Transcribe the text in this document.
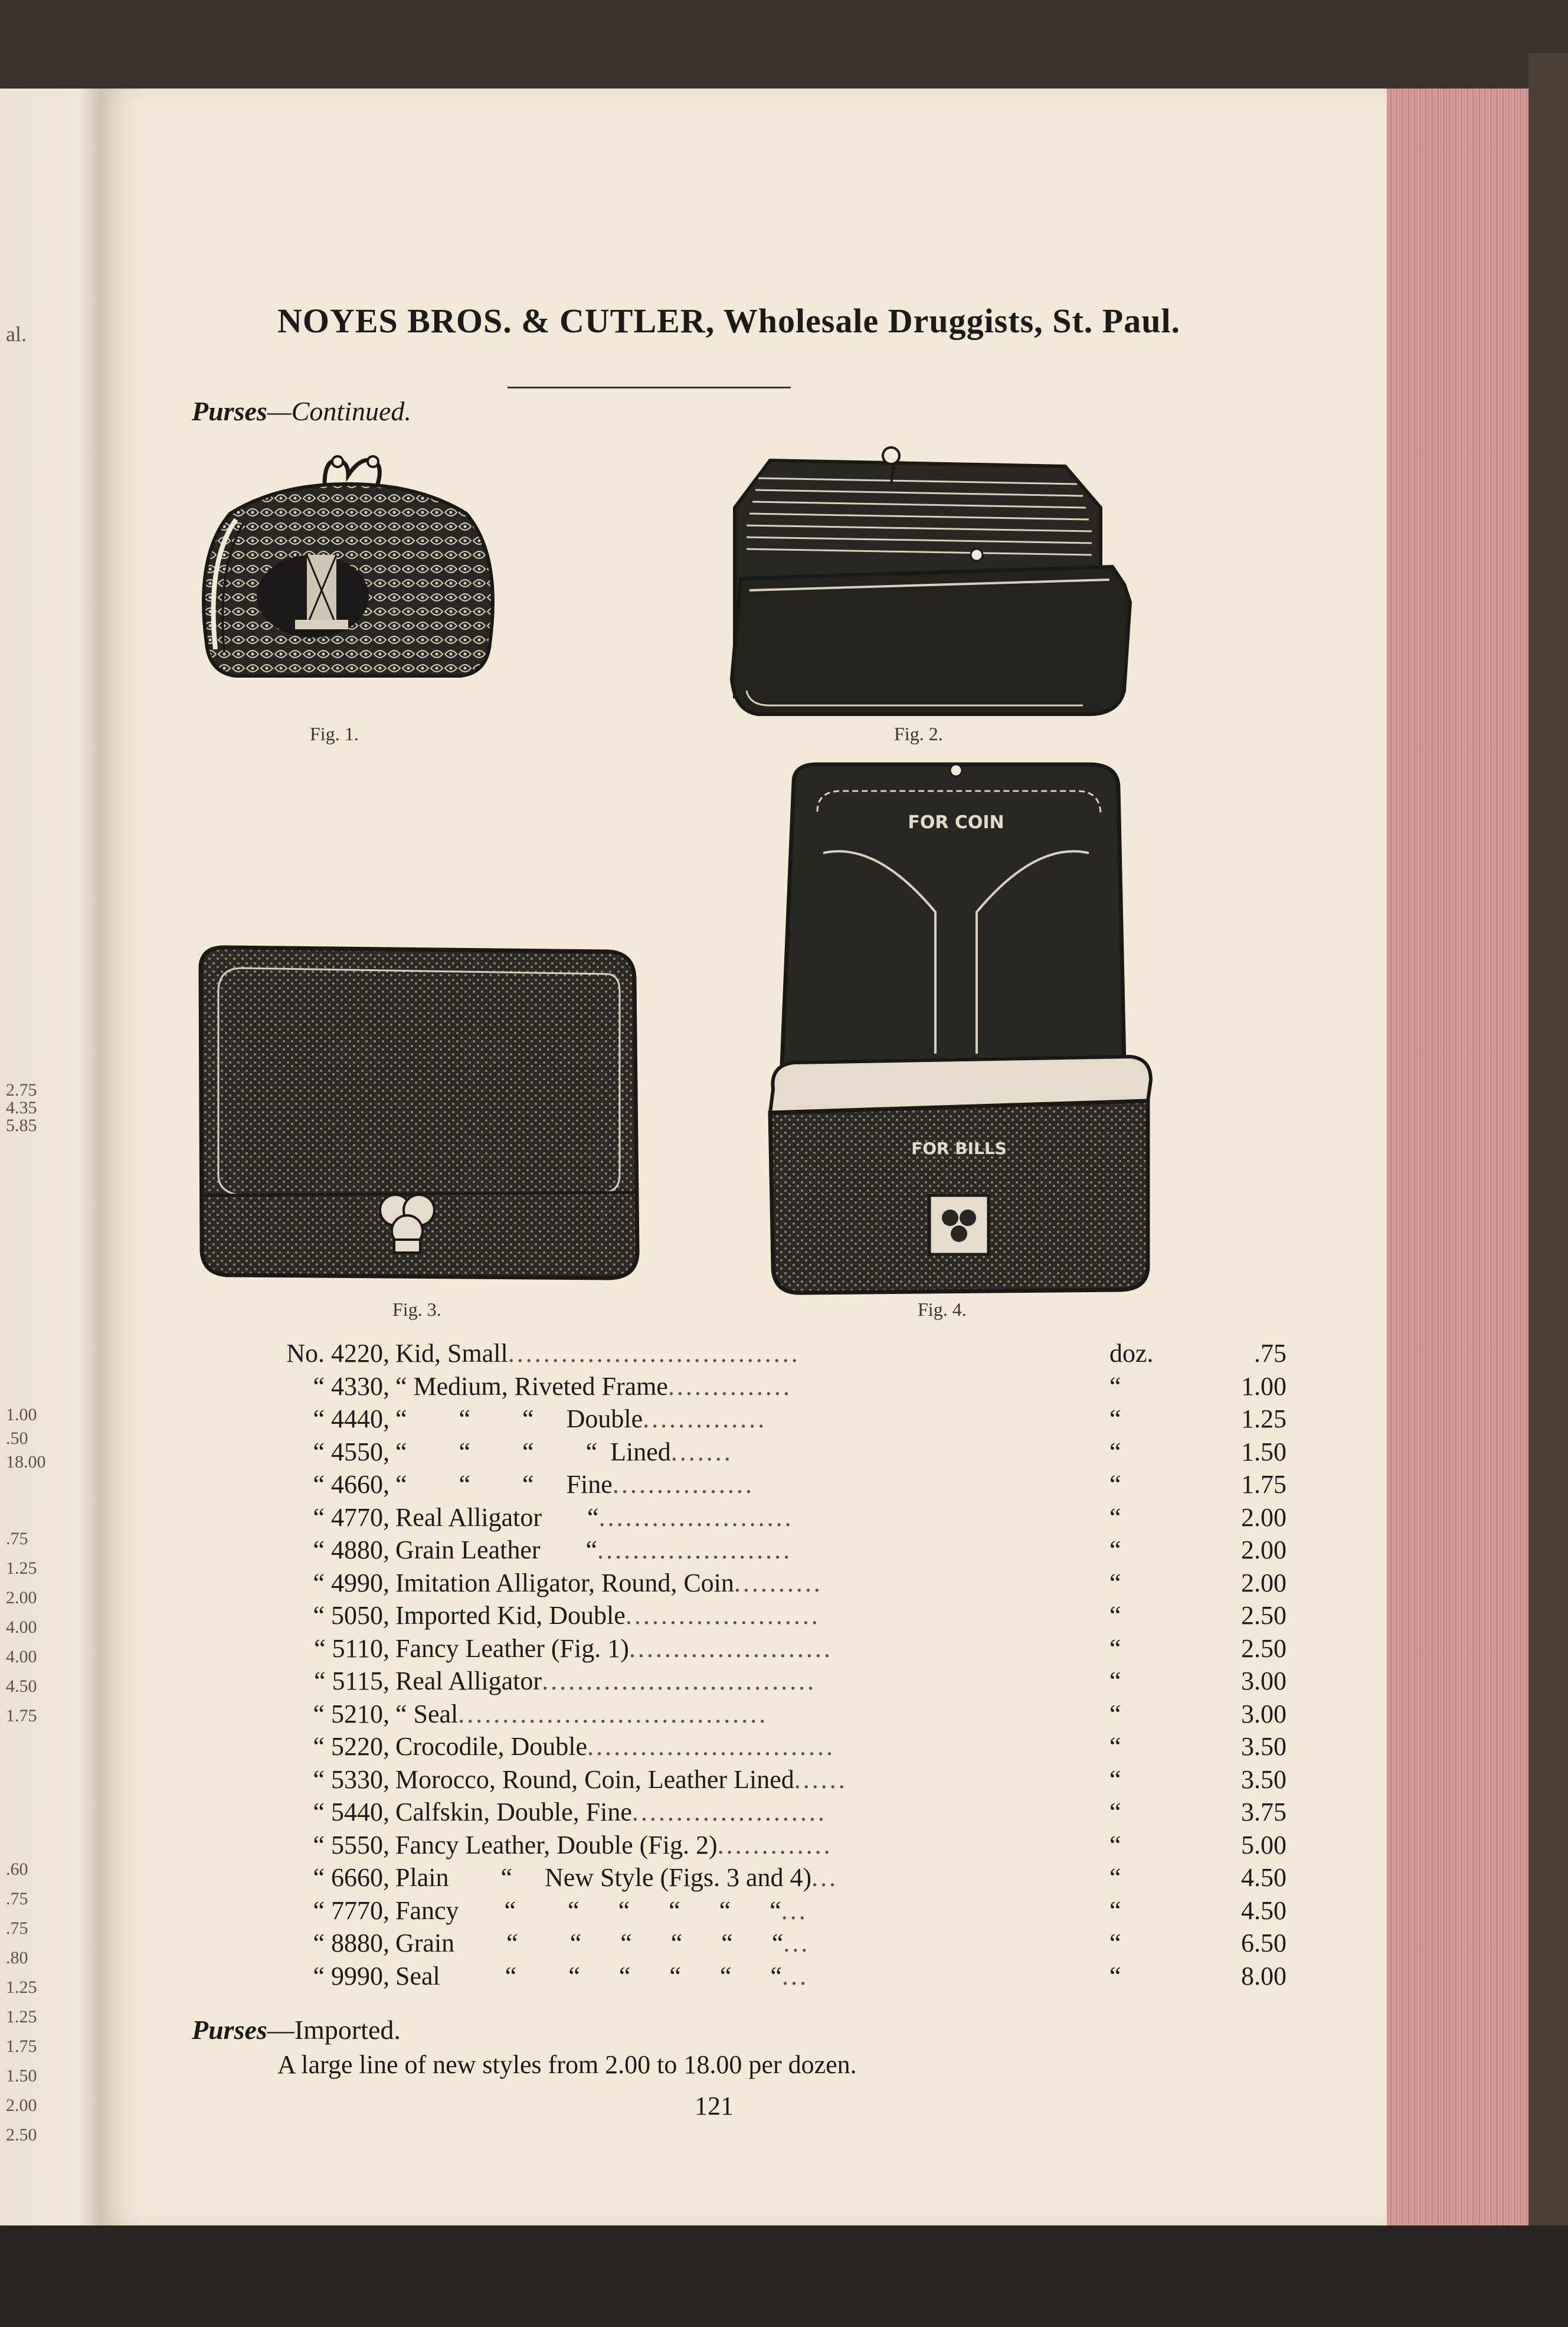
al.
2.75
4.35
5.85
1.00
.50
18.00
.75
1.25
2.00
4.00
4.00
4.50
1.75
.60
.75
.75
.80
1.25
1.25
1.75
1.50
2.00
2.50
NOYES BROS. & CUTLER, Wholesale Druggists, St. Paul.
Purses—Continued.
Fig. 1.	Fig. 2.
Fig. 3.
FOR COIN
FOR BILLS
Fig. 4.
No. 4220, Kid, Small.................................	doz.	.75
“ 4330, “ Medium, Riveted Frame..............	“	1.00
“ 4440, “        “        “     Double..............	“	1.25
“ 4550, “        “        “        “  Lined.......	“	1.50
“ 4660, “        “        “     Fine................	“	1.75
“ 4770, Real Alligator       “......................	“	2.00
“ 4880, Grain Leather       “......................	“	2.00
“ 4990, Imitation Alligator, Round, Coin..........	“	2.00
“ 5050, Imported Kid, Double......................	“	2.50
“ 5110, Fancy Leather (Fig. 1).......................	“	2.50
“ 5115, Real Alligator...............................	“	3.00
“ 5210, “ Seal...................................	“	3.00
“ 5220, Crocodile, Double............................	“	3.50
“ 5330, Morocco, Round, Coin, Leather Lined......	“	3.50
“ 5440, Calfskin, Double, Fine......................	“	3.75
“ 5550, Fancy Leather, Double (Fig. 2).............	“	5.00
“ 6660, Plain        “     New Style (Figs. 3 and 4)...	“	4.50
“ 7770, Fancy       “        “      “      “      “      “...	“	4.50
“ 8880, Grain        “        “      “      “      “      “...	“	6.50
“ 9990, Seal          “        “      “      “      “      “...	“	8.00
Purses—Imported.
A large line of new styles from 2.00 to 18.00 per dozen.
121
